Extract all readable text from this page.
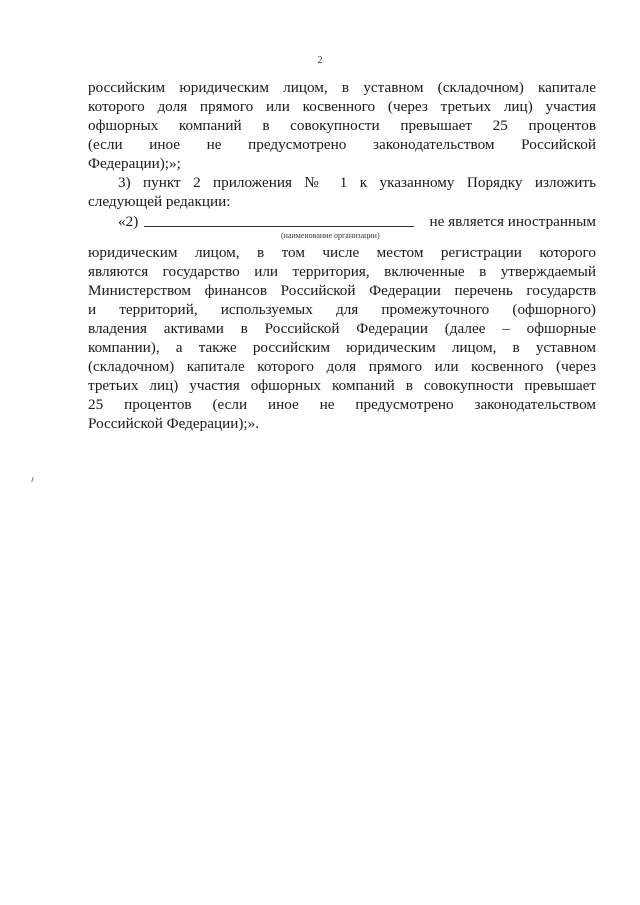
2

российским юридическим лицом, в уставном (складочном) капитале

которого доля прямого или косвенного (через третьих лиц) участия

офшорных компаний в совокупности превышает 25 процентов

(если иное не предусмотрено законодательством Российской

Федерации);»;

3) пункт 2 приложения № 1 к указанному Порядку изложить

следующей редакции:

«2)	не является иностранным
(наименование организации)

юридическим лицом, в том числе местом регистрации которого

являются государство или территория, включенные в утверждаемый

Министерством финансов Российской Федерации перечень государств

и территорий, используемых для промежуточного (офшорного)

владения активами в Российской Федерации (далее – офшорные

компании), а также российским юридическим лицом, в уставном

(складочном) капитале которого доля прямого или косвенного (через

третьих лиц) участия офшорных компаний в совокупности превышает

25 процентов (если иное не предусмотрено законодательством

Российской Федерации);».
